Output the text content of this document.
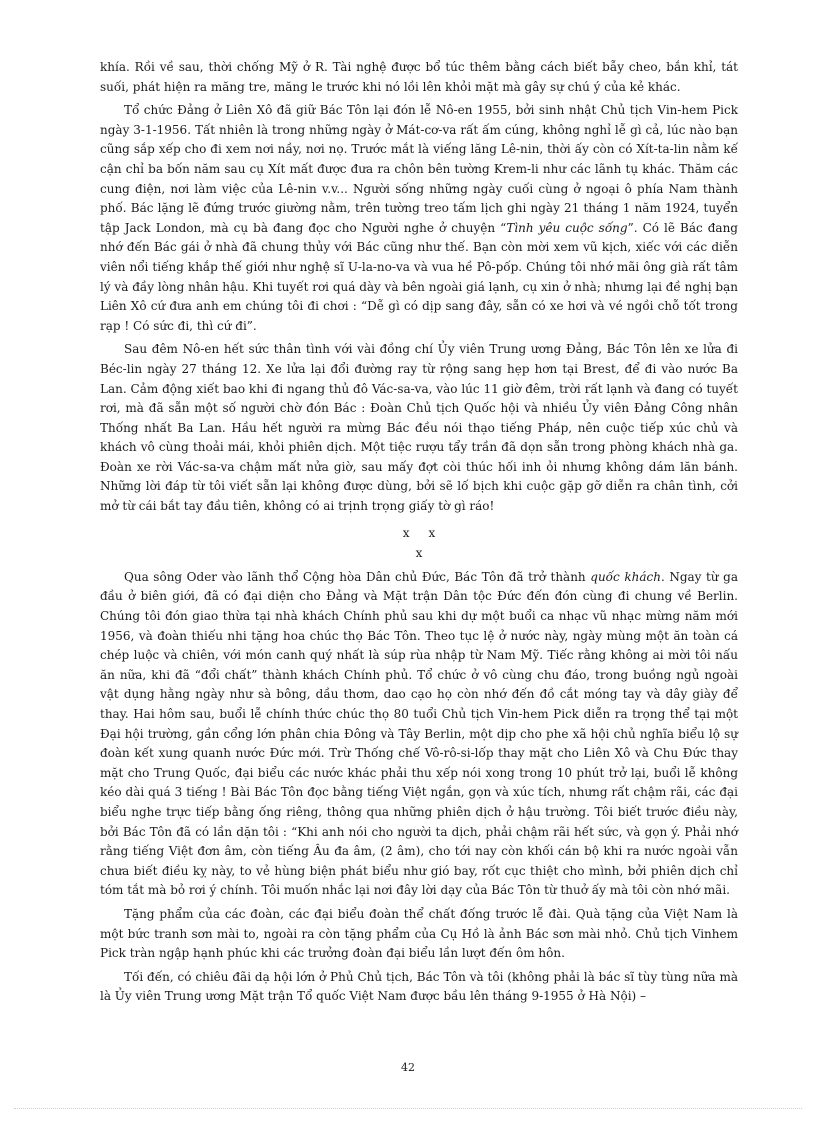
khía. Rồi về sau, thời chống Mỹ ở R. Tài nghệ được bổ túc thêm bằng cách biết bẫy cheo, bắn khỉ, tát suối, phát hiện ra măng tre, măng le trước khi nó lồi lên khỏi mặt mà gây sự chú ý của kẻ khác.

Tổ chức Đảng ở Liên Xô đã giữ Bác Tôn lại đón lễ Nô-en 1955, bởi sinh nhật Chủ tịch Vin-hem Pick ngày 3-1-1956. Tất nhiên là trong những ngày ở Mát-cơ-va rất ấm cúng, không nghỉ lễ gì cả, lúc nào bạn cũng sắp xếp cho đi xem nơi nầy, nơi nọ. Trước mắt là viếng lăng Lê-nin, thời ấy còn có Xít-ta-lin nằm kế cận chỉ ba bốn năm sau cụ Xít mất được đưa ra chôn bên tường Krem-li như các lãnh tụ khác. Thăm các cung điện, nơi làm việc của Lê-nin v.v... Người sống những ngày cuối cùng ở ngoại ô phía Nam thành phố. Bác lặng lẽ đứng trước giường nằm, trên tường treo tấm lịch ghi ngày 21 tháng 1 năm 1924, tuyển tập Jack London, mà cụ bà đang đọc cho Người nghe ở chuyện “Tình yêu cuộc sống”. Có lẽ Bác đang nhớ đến Bác gái ở nhà đã chung thủy với Bác cũng như thế. Bạn còn mời xem vũ kịch, xiếc với các diễn viên nổi tiếng khắp thế giới như nghệ sĩ U-la-no-va và vua hề Pô-pốp. Chúng tôi nhớ mãi ông già rất tâm lý và đầy lòng nhân hậu. Khi tuyết rơi quá dày và bên ngoài giá lạnh, cụ xin ở nhà; nhưng lại đề nghị bạn Liên Xô cứ đưa anh em chúng tôi đi chơi : “Dễ gì có dịp sang đây, sẵn có xe hơi và vé ngồi chỗ tốt trong rạp ! Có sức đi, thì cứ đi”.

Sau đêm Nô-en hết sức thân tình với vài đồng chí Ủy viên Trung ương Đảng, Bác Tôn lên xe lửa đi Béc-lin ngày 27 tháng 12. Xe lửa lại đổi đường ray từ rộng sang hẹp hơn tại Brest, để đi vào nước Ba Lan. Cảm động xiết bao khi đi ngang thủ đô Vác-sa-va, vào lúc 11 giờ đêm, trời rất lạnh và đang có tuyết rơi, mà đã sẵn một số người chờ đón Bác : Đoàn Chủ tịch Quốc hội và nhiều Ủy viên Đảng Công nhân Thống nhất Ba Lan. Hầu hết người ra mừng Bác đều nói thạo tiếng Pháp, nên cuộc tiếp xúc chủ và khách vô cùng thoải mái, khỏi phiên dịch. Một tiệc rượu tẩy trần đã dọn sẵn trong phòng khách nhà ga. Đoàn xe rời Vác-sa-va chậm mất nửa giờ, sau mấy đợt còi thúc hối inh ỏi nhưng không dám lăn bánh. Những lời đáp từ tôi viết sẵn lại không được dùng, bởi sẽ lố bịch khi cuộc gặp gỡ diễn ra chân tình, cởi mở từ cái bắt tay đầu tiên, không có ai trịnh trọng giấy tờ gì ráo!

x     x
x

Qua sông Oder vào lãnh thổ Cộng hòa Dân chủ Đức, Bác Tôn đã trở thành quốc khách. Ngay từ ga đầu ở biên giới, đã có đại diện cho Đảng và Mặt trận Dân tộc Đức đến đón cùng đi chung về Berlin. Chúng tôi đón giao thừa tại nhà khách Chính phủ sau khi dự một buổi ca nhạc vũ nhạc mừng năm mới 1956, và đoàn thiếu nhi tặng hoa chúc thọ Bác Tôn. Theo tục lệ ở nước này, ngày mùng một ăn toàn cá chép luộc và chiên, với món canh quý nhất là súp rùa nhập từ Nam Mỹ. Tiếc rằng không ai mời tôi nấu ăn nữa, khi đã “đổi chất” thành khách Chính phủ. Tổ chức ở vô cùng chu đáo, trong buồng ngủ ngoài vật dụng hằng ngày như sà bông, dầu thơm, dao cạo họ còn nhớ đến đồ cắt móng tay và dây giày để thay. Hai hôm sau, buổi lễ chính thức chúc thọ 80 tuổi Chủ tịch Vin-hem Pick diễn ra trọng thể tại một Đại hội trường, gần cổng lớn phân chia Đông và Tây Berlin, một dịp cho phe xã hội chủ nghĩa biểu lộ sự đoàn kết xung quanh nước Đức mới. Trừ Thống chế Vô-rô-si-lốp thay mặt cho Liên Xô và Chu Đức thay mặt cho Trung Quốc, đại biểu các nước khác phải thu xếp nói xong trong 10 phút trở lại, buổi lễ không kéo dài quá 3 tiếng ! Bài Bác Tôn đọc bằng tiếng Việt ngắn, gọn và xúc tích, nhưng rất chậm rãi, các đại biểu nghe trực tiếp bằng ống riêng, thông qua những phiên dịch ở hậu trường. Tôi biết trước điều này, bởi Bác Tôn đã có lần dặn tôi : “Khi anh nói cho người ta dịch, phải chậm rãi hết sức, và gọn ý. Phải nhớ rằng tiếng Việt đơn âm, còn tiếng Âu đa âm, (2 âm), cho tới nay còn khối cán bộ khi ra nước ngoài vẫn chưa biết điều kỵ này, to vẻ hùng biện phát biểu như gió bay, rốt cục thiệt cho mình, bởi phiên dịch chỉ tóm tắt mà bỏ rơi ý chính. Tôi muốn nhắc lại nơi đây lời dạy của Bác Tôn từ thuở ấy mà tôi còn nhớ mãi.

Tặng phẩm của các đoàn, các đại biểu đoàn thể chất đống trước lễ đài. Quà tặng của Việt Nam là một bức tranh sơn mài to, ngoài ra còn tặng phẩm của Cụ Hồ là ảnh Bác sơn mài nhỏ. Chủ tịch Vinhem Pick tràn ngập hạnh phúc khi các trưởng đoàn đại biểu lần lượt đến ôm hôn.

Tối đến, có chiêu đãi dạ hội lớn ở Phủ Chủ tịch, Bác Tôn và tôi (không phải là bác sĩ tùy tùng nữa mà là Ủy viên Trung ương Mặt trận Tổ quốc Việt Nam được bầu lên tháng 9-1955 ở Hà Nội) –

42
